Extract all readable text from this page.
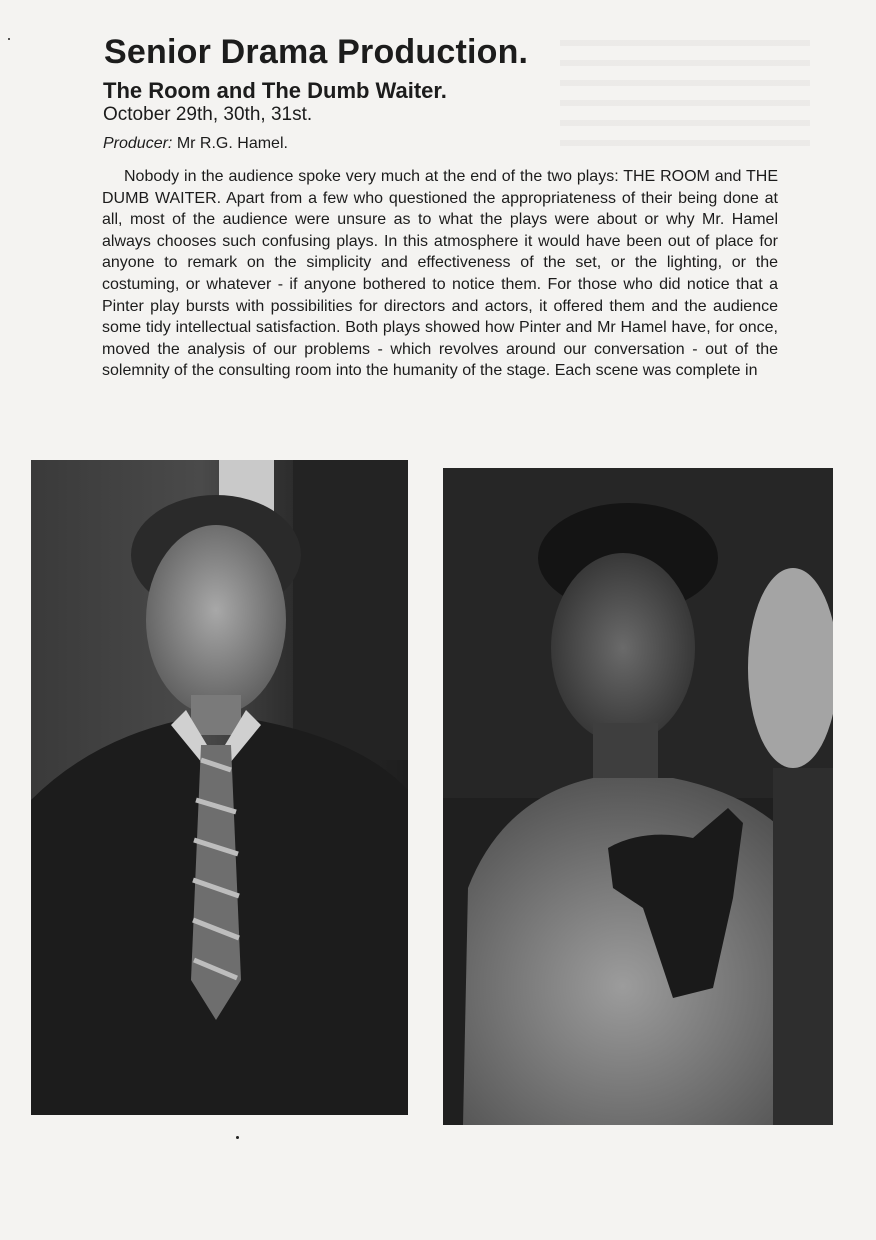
Senior Drama Production.
The Room and The Dumb Waiter.

October 29th, 30th, 31st.

Producer: Mr R.G. Hamel.

Nobody in the audience spoke very much at the end of the two plays: THE ROOM and THE DUMB WAITER. Apart from a few who questioned the appropriateness of their being done at all, most of the audience were unsure as to what the plays were about or why Mr. Hamel always chooses such confusing plays. In this atmosphere it would have been out of place for anyone to remark on the simplicity and effectiveness of the set, or the lighting, or the costuming, or whatever - if anyone bothered to notice them. For those who did notice that a Pinter play bursts with possibilities for directors and actors, it offered them and the audience some tidy intellectual satisfaction. Both plays showed how Pinter and Mr Hamel have, for once, moved the analysis of our problems - which revolves around our conversation - out of the solemnity of the consulting room into the humanity of the stage. Each scene was complete in
